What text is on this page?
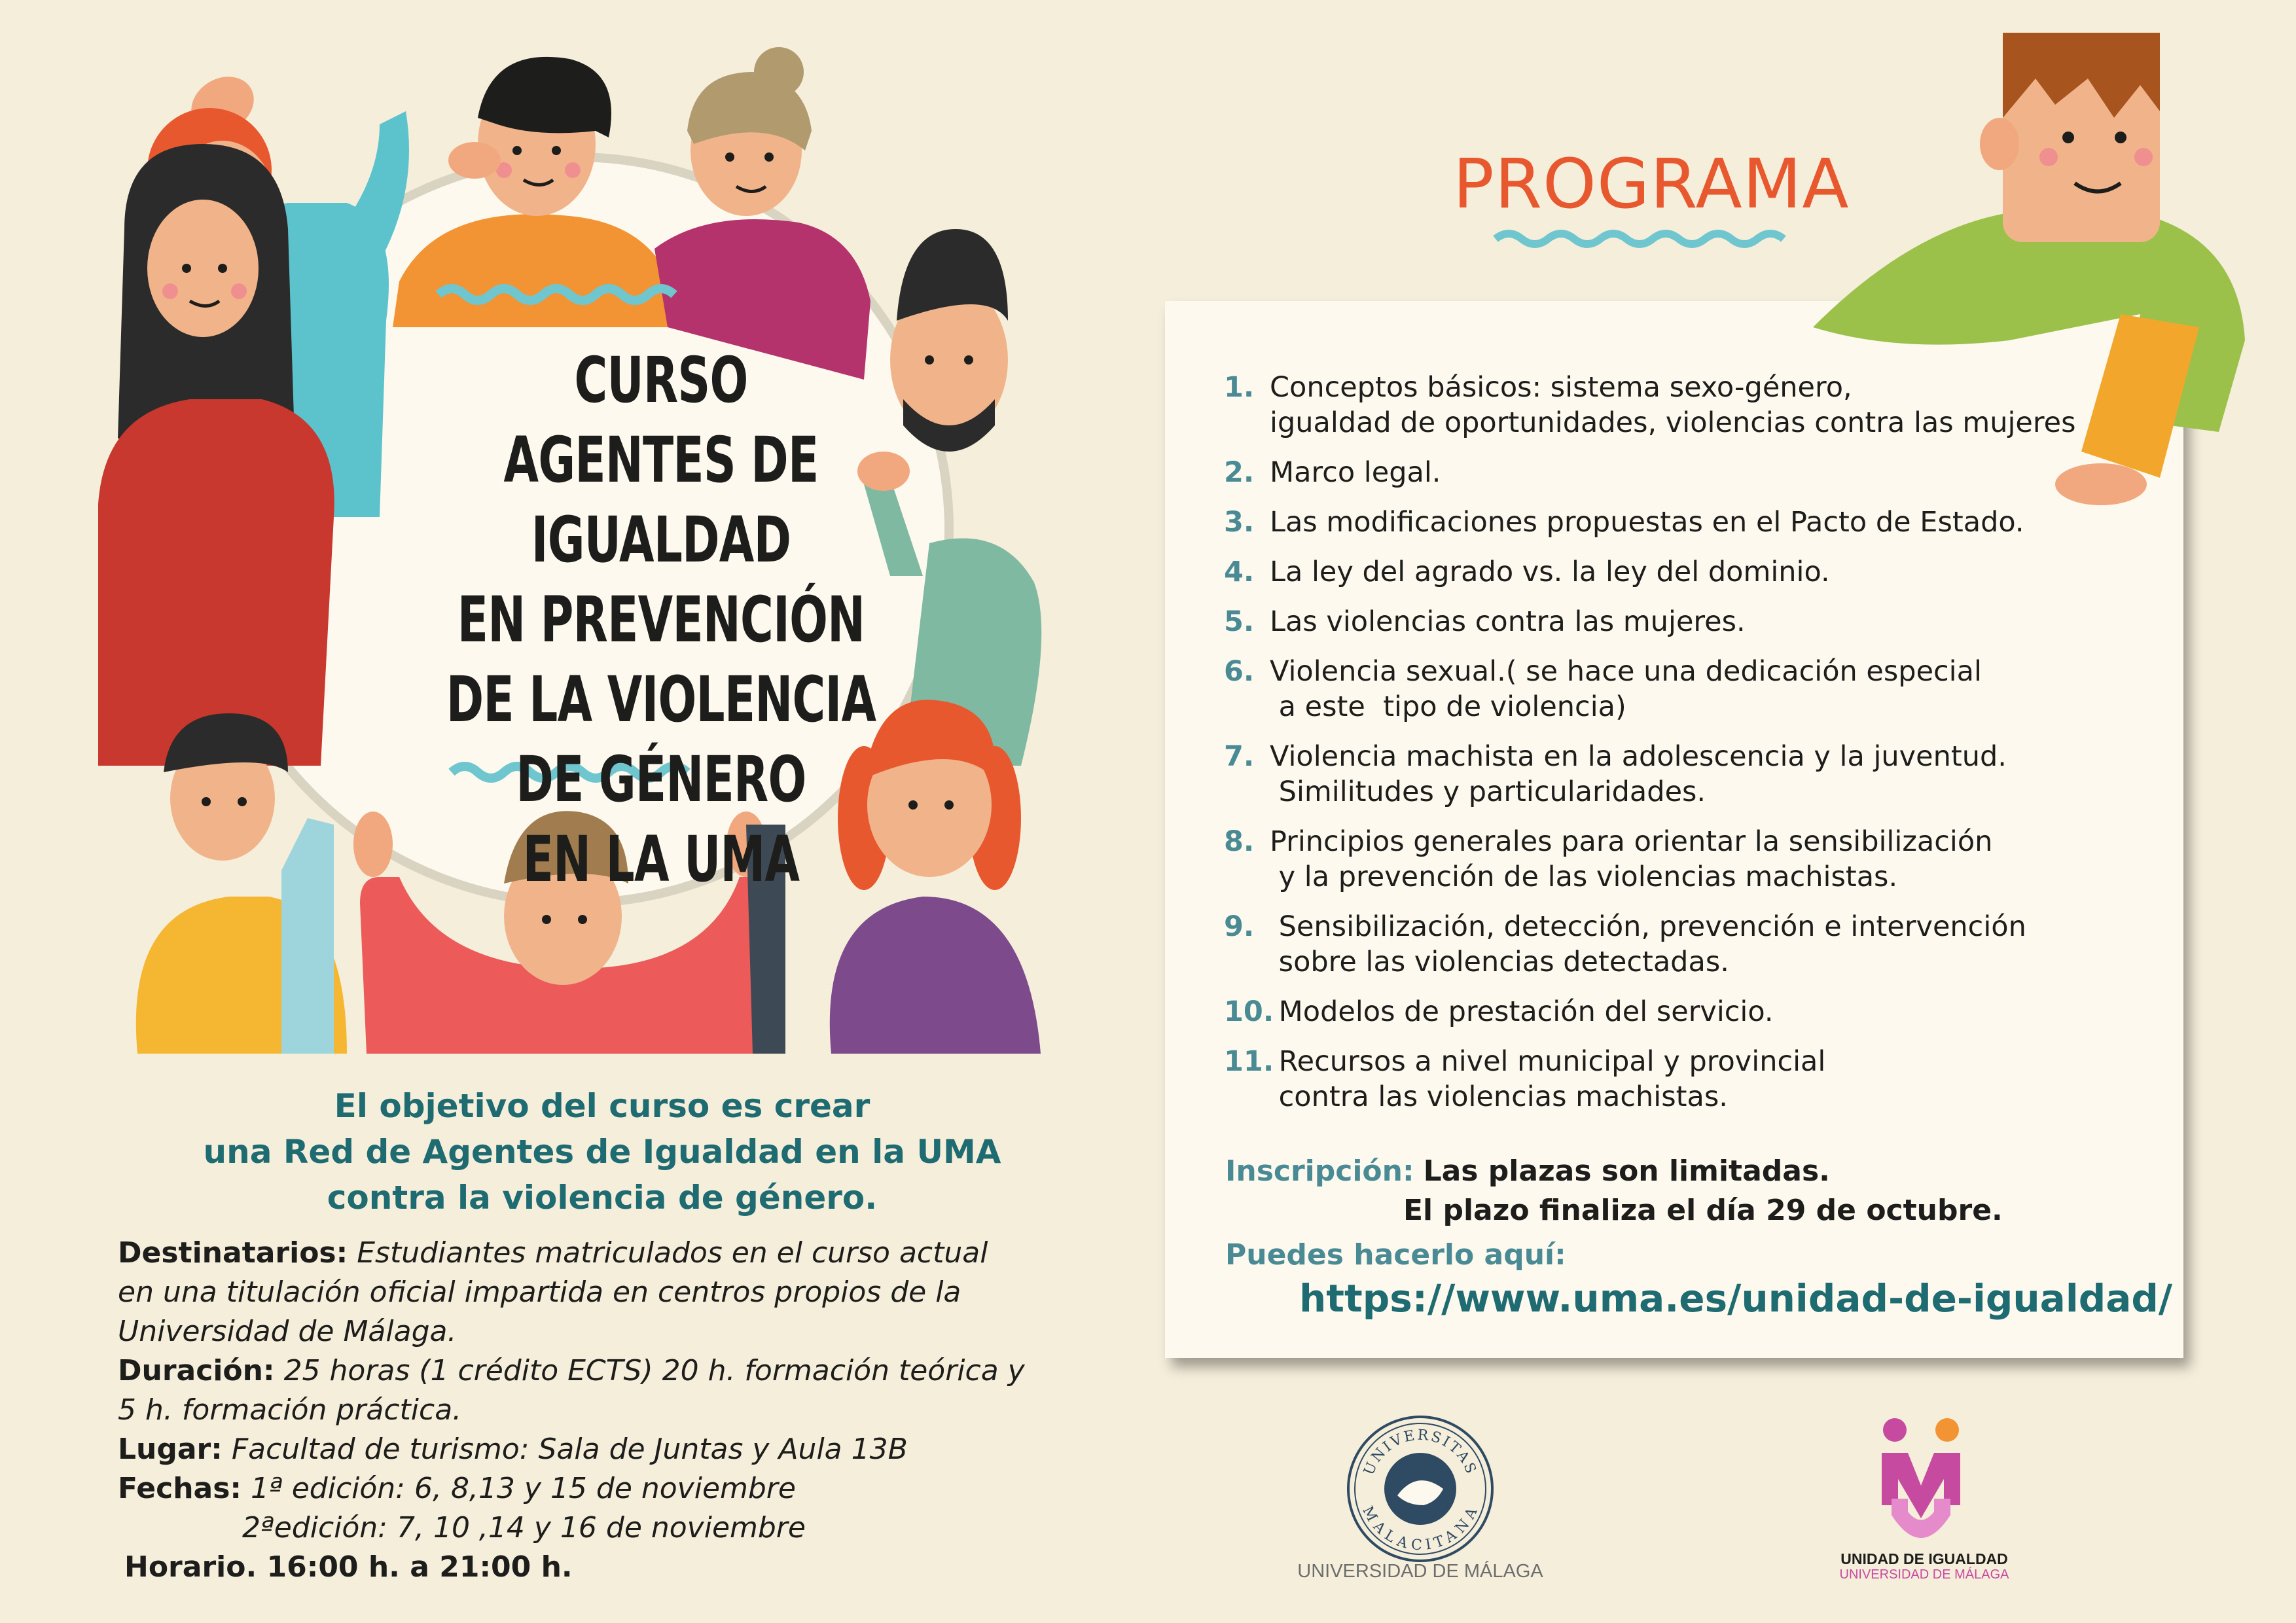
CURSO
AGENTES DE IGUALDAD
EN PREVENCIÓN
DE LA VIOLENCIA DE GÉNERO
EN LA UMA
El objetivo del curso es crear
una Red de Agentes de Igualdad en la UMA
contra la violencia de género.
Destinatarios: Estudiantes matriculados en el curso actual
en una titulación oficial impartida en centros propios de la
Universidad de Málaga.
Duración: 25 horas (1 crédito ECTS) 20 h. formación teórica y
5 h. formación práctica.
Lugar: Facultad de turismo: Sala de Juntas y Aula 13B
Fechas: 1ª edición: 6, 8,13 y 15 de noviembre
2ªedición: 7, 10 ,14 y 16 de noviembre
Horario. 16:00 h. a 21:00 h.
PROGRAMA
1. Conceptos básicos: sistema sexo-género,
igualdad de oportunidades, violencias contra las mujeres
2. Marco legal.
3. Las modificaciones propuestas en el Pacto de Estado.
4. La ley del agrado vs. la ley del dominio.
5. Las violencias contra las mujeres.
6. Violencia sexual.( se hace una dedicación especial
a este  tipo de violencia)
7. Violencia machista en la adolescencia y la juventud.
Similitudes y particularidades.
8. Principios generales para orientar la sensibilización
y la prevención de las violencias machistas.
9. Sensibilización, detección, prevención e intervención
sobre las violencias detectadas.
10.
Modelos de prestación del servicio.
11.
Recursos a nivel municipal y provincial
contra las violencias machistas.
Inscripción: Las plazas son limitadas.
El plazo finaliza el día 29 de octubre.
Puedes hacerlo aquí:
https://www.uma.es/unidad-de-igualdad/
UNIVERSITAS
MALACITANA
UNIVERSIDAD DE MÁLAGA
UNIDAD DE IGUALDAD
UNIVERSIDAD DE MÁLAGA
